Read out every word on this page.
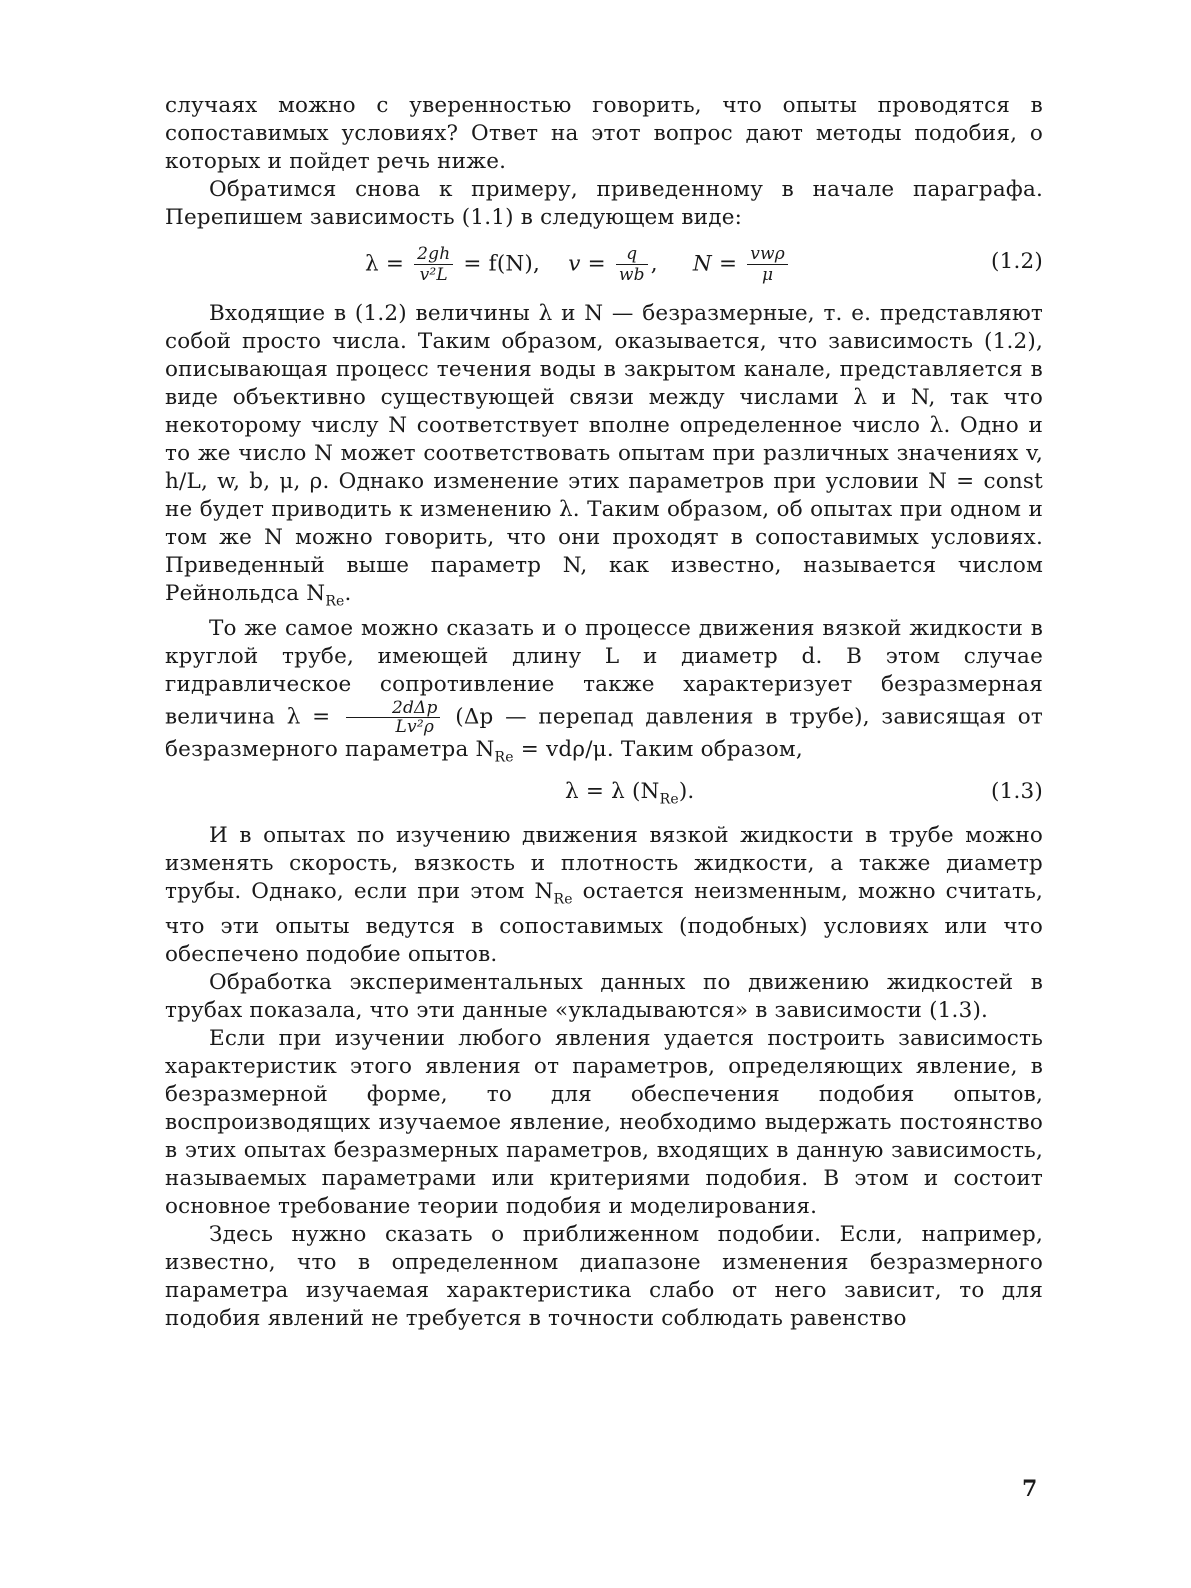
случаях можно с уверенностью говорить, что опыты проводятся в сопоставимых условиях? Ответ на этот вопрос дают методы подобия, о которых и пойдет речь ниже.

Обратимся снова к примеру, приведенному в начале параграфа. Перепишем зависимость (1.1) в следующем виде:

$\lambda = \frac{2gh}{\text{v²L}} = f(N)$, $v = \frac{q}{wb}$ , $N = \frac{\text{vwρ}}{\mu}$	(1.2)

Входящие в (1.2) величины λ и N — безразмерные, т. е. представляют собой просто числа. Таким образом, оказывается, что зависимость (1.2), описывающая процесс течения воды в закрытом канале, представляется в виде объективно существующей связи между числами λ и N, так что некоторому числу N соответствует вполне определенное число λ. Одно и то же число N может соответствовать опытам при различных значениях v, h/L, w, b, μ, ρ. Однако изменение этих параметров при условии N = const не будет приводить к изменению λ. Таким образом, об опытах при одном и том же N можно говорить, что они проходят в сопоставимых условиях. Приведенный выше параметр N, как известно, называется числом Рейнольдса $N_{Re}$.

То же самое можно сказать и о процессе движения вязкой жидкости в круглой трубе, имеющей длину L и диаметр d. В этом случае гидравлическое сопротивление также характеризует безразмерная величина λ =	2dΔp
Lv²ρ (Δp — перепад давления в трубе), зависящая от безразмерного параметра $N_{Re} = vd\rho/\mu$. Таким образом,

λ = λ $(N_{Re})$.	(1.3)

И в опытах по изучению движения вязкой жидкости в трубе можно изменять скорость, вязкость и плотность жидкости, а также диаметр трубы. Однако, если при этом $N_{Re}$ остается неизменным, можно считать, что эти опыты ведутся в сопоставимых (подобных) условиях или что обеспечено подобие опытов.

Обработка экспериментальных данных по движению жидкостей в трубах показала, что эти данные «укладываются» в зависимости (1.3).

Если при изучении любого явления удается построить зависимость характеристик этого явления от параметров, определяющих явление, в безразмерной форме, то для обеспечения подобия опытов, воспроизводящих изучаемое явление, необходимо выдержать постоянство в этих опытах безразмерных параметров, входящих в данную зависимость, называемых параметрами или критериями подобия. В этом и состоит основное требование теории подобия и моделирования.

Здесь нужно сказать о приближенном подобии. Если, например, известно, что в определенном диапазоне изменения безразмерного параметра изучаемая характеристика слабо от него зависит, то для подобия явлений не требуется в точности соблюдать равенство

7
